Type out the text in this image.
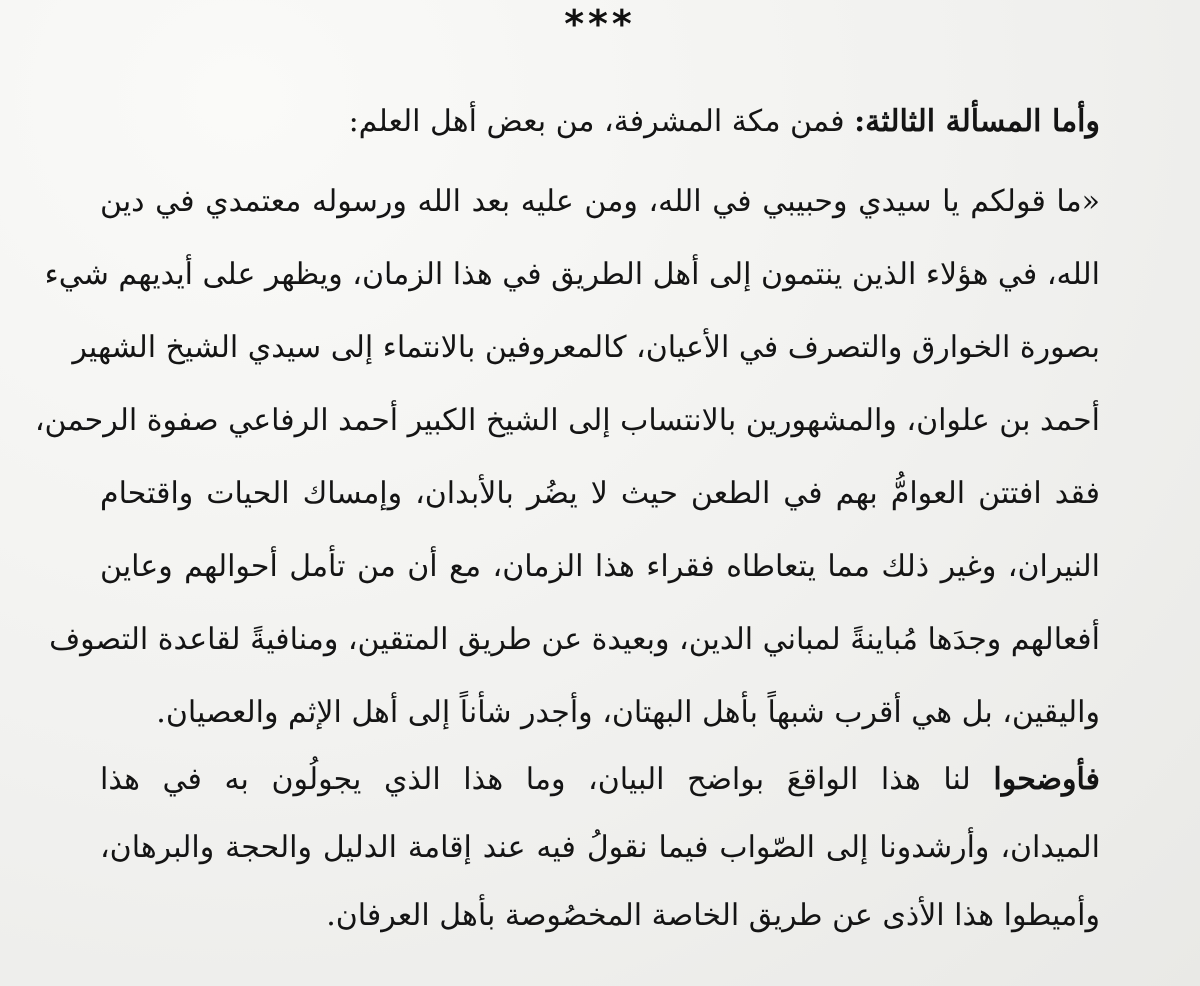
***
وأما المسألة الثالثة: فمن مكة المشرفة، من بعض أهل العلم:
«ما قولكم يا سيدي وحبيبي في الله، ومن عليه بعد الله ورسوله معتمدي في دين
الله، في هؤلاء الذين ينتمون إلى أهل الطريق في هذا الزمان، ويظهر على أيديهم شيء
بصورة الخوارق والتصرف في الأعيان، كالمعروفين بالانتماء إلى سيدي الشيخ الشهير
أحمد بن علوان، والمشهورين بالانتساب إلى الشيخ الكبير أحمد الرفاعي صفوة الرحمن،
فقد افتتن العوامُّ بهم في الطعن حيث لا يضُر بالأبدان، وإمساك الحيات واقتحام
النيران، وغير ذلك مما يتعاطاه فقراء هذا الزمان، مع أن من تأمل أحوالهم وعاين
أفعالهم وجدَها مُباينةً لمباني الدين، وبعيدة عن طريق المتقين، ومنافيةً لقاعدة التصوف
واليقين، بل هي أقرب شبهاً بأهل البهتان، وأجدر شأناً إلى أهل الإثم والعصيان.
فأوضحوا لنا هذا الواقعَ بواضح البيان، وما هذا الذي يجولُون به في هذا
الميدان، وأرشدونا إلى الصّواب فيما نقولُ فيه عند إقامة الدليل والحجة والبرهان،
وأميطوا هذا الأذى عن طريق الخاصة المخصُوصة بأهل العرفان.
